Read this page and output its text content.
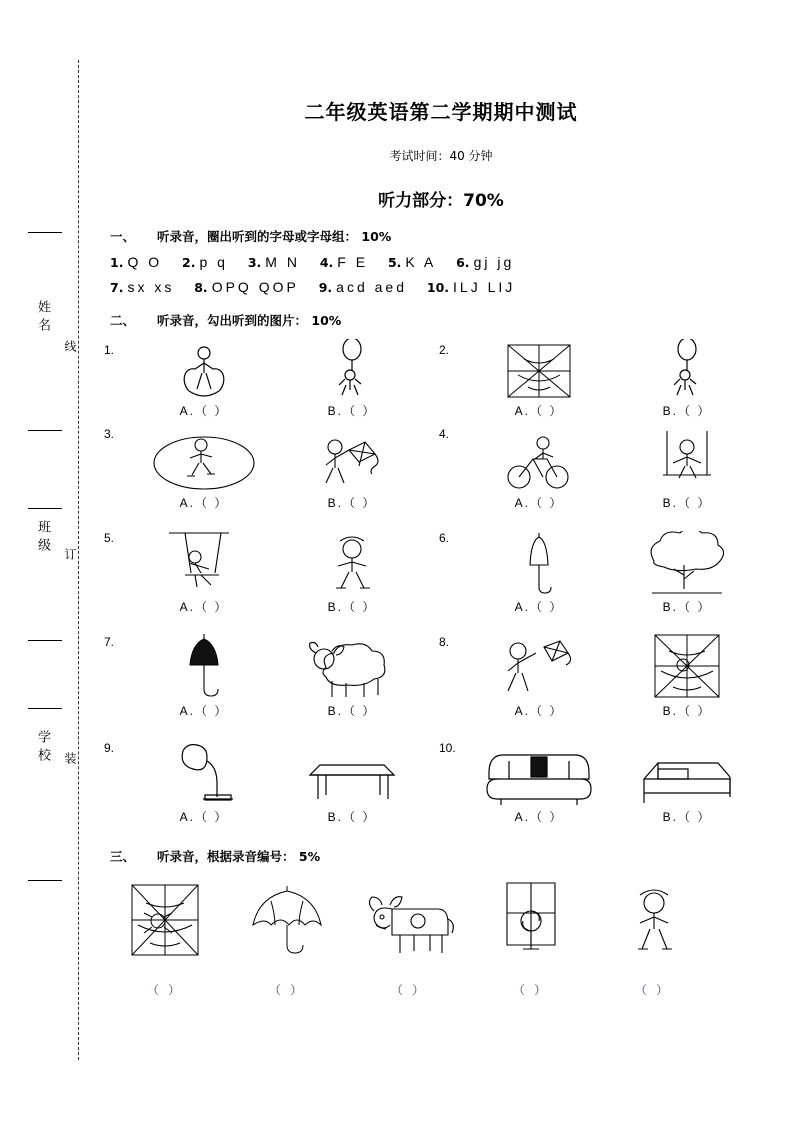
姓名
班级
学校
线
订
装
二年级英语第二学期期中测试
考试时间：40 分钟
听力部分：70%
一、 听录音，圈出听到的字母或字母组： 10%
1. Q O 2. p q 3. M N 4. F E 5. K A 6. gj jg
7. sx xs 8. OPQ QOP 9. acd aed 10. ILJ LIJ
二、 听录音，勾出听到的图片： 10%
1.
A.（ ）	B.（ ）
2.
A.（ ）	B.（ ）
3.
A.（ ）	B.（ ）
4.
A.（ ）	B.（ ）
5.
A.（ ）	B.（ ）
6.
A.（ ）	B.（ ）
7.
A.（ ）	B.（ ）
8.
A.（ ）	B.（ ）
9.
A.（ ）	B.（ ）
10.
A.（ ）	B.（ ）
三、 听录音，根据录音编号： 5%
（ ）	（ ）	（ ）	（ ）	（ ）
